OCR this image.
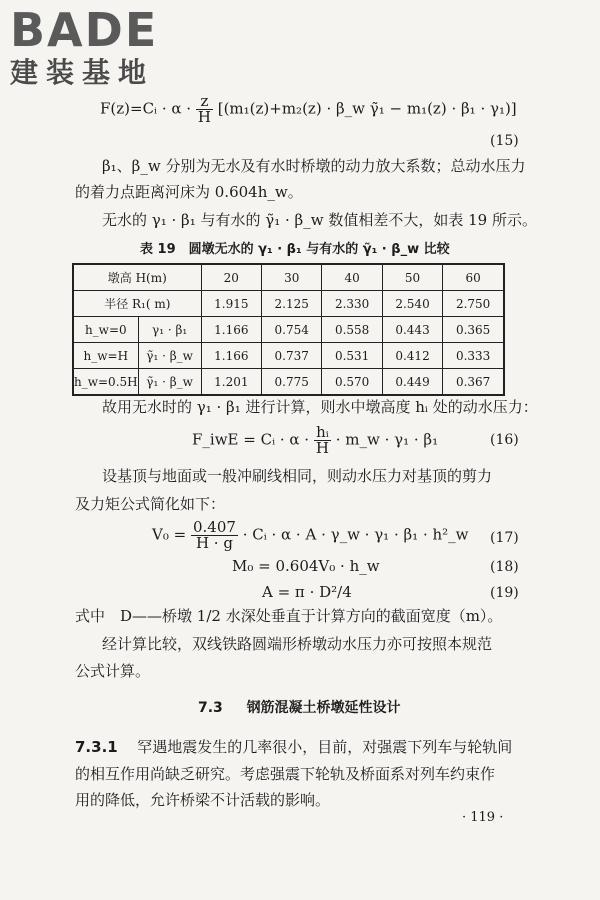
BADE
建装基地
F(z)=Cᵢ · $\alpha \cdot \frac{z}{H} [(m_1(z)+m_2(z)$ · β_w γ̃₁ − m₁(z) · β₁ · γ₁)]
(15)
β₁、β_w 分别为无水及有水时桥墩的动力放大系数；总动水压力
的着力点距离河床为 0.604h_w。
无水的 γ₁ · β₁ 与有水的 γ̃₁ · β_w 数值相差不大，如表 19 所示。
表 19　圆墩无水的 γ₁ · β₁ 与有水的 γ̃₁ · β_w 比较
墩高 H(m)		20	30	40	50	60
半径 R₁( m)		1.915	2.125	2.330	2.540	2.750
h_w=0	γ₁ · β₁	1.166	0.754	0.558	0.443	0.365
h_w=H	γ̃₁ · β_w	1.166	0.737	0.531	0.412	0.333
h_w=0.5H	γ̃₁ · β_w	1.201	0.775	0.570	0.449	0.367
故用无水时的 γ₁ · β₁ 进行计算，则水中墩高度 hᵢ 处的动水压力：
F_iwE = Cᵢ · $\alpha \cdot \frac{\text{hᵢ}}{H}$ · m_w · γ₁ · β₁	(16)
设基顶与地面或一般冲刷线相同，则动水压力对基顶的剪力
及力矩公式简化如下：
$V_0 = \frac{0.407}{H \cdot g}$ · Cᵢ · α · A · γ_w · γ₁ · β₁ · h²_w (17)
M₀ = 0.604V₀ · h_w	(18)
A = π · D²/4	(19)
式中　D——桥墩 1/2 水深处垂直于计算方向的截面宽度（m）。
经计算比较，双线铁路圆端形桥墩动水压力亦可按照本规范
公式计算。
7.3 钢筋混凝土桥墩延性设计
7.3.1 罕遇地震发生的几率很小，目前，对强震下列车与轮轨间
的相互作用尚缺乏研究。考虑强震下轮轨及桥面系对列车约束作
用的降低，允许桥梁不计活载的影响。
· 119 ·
